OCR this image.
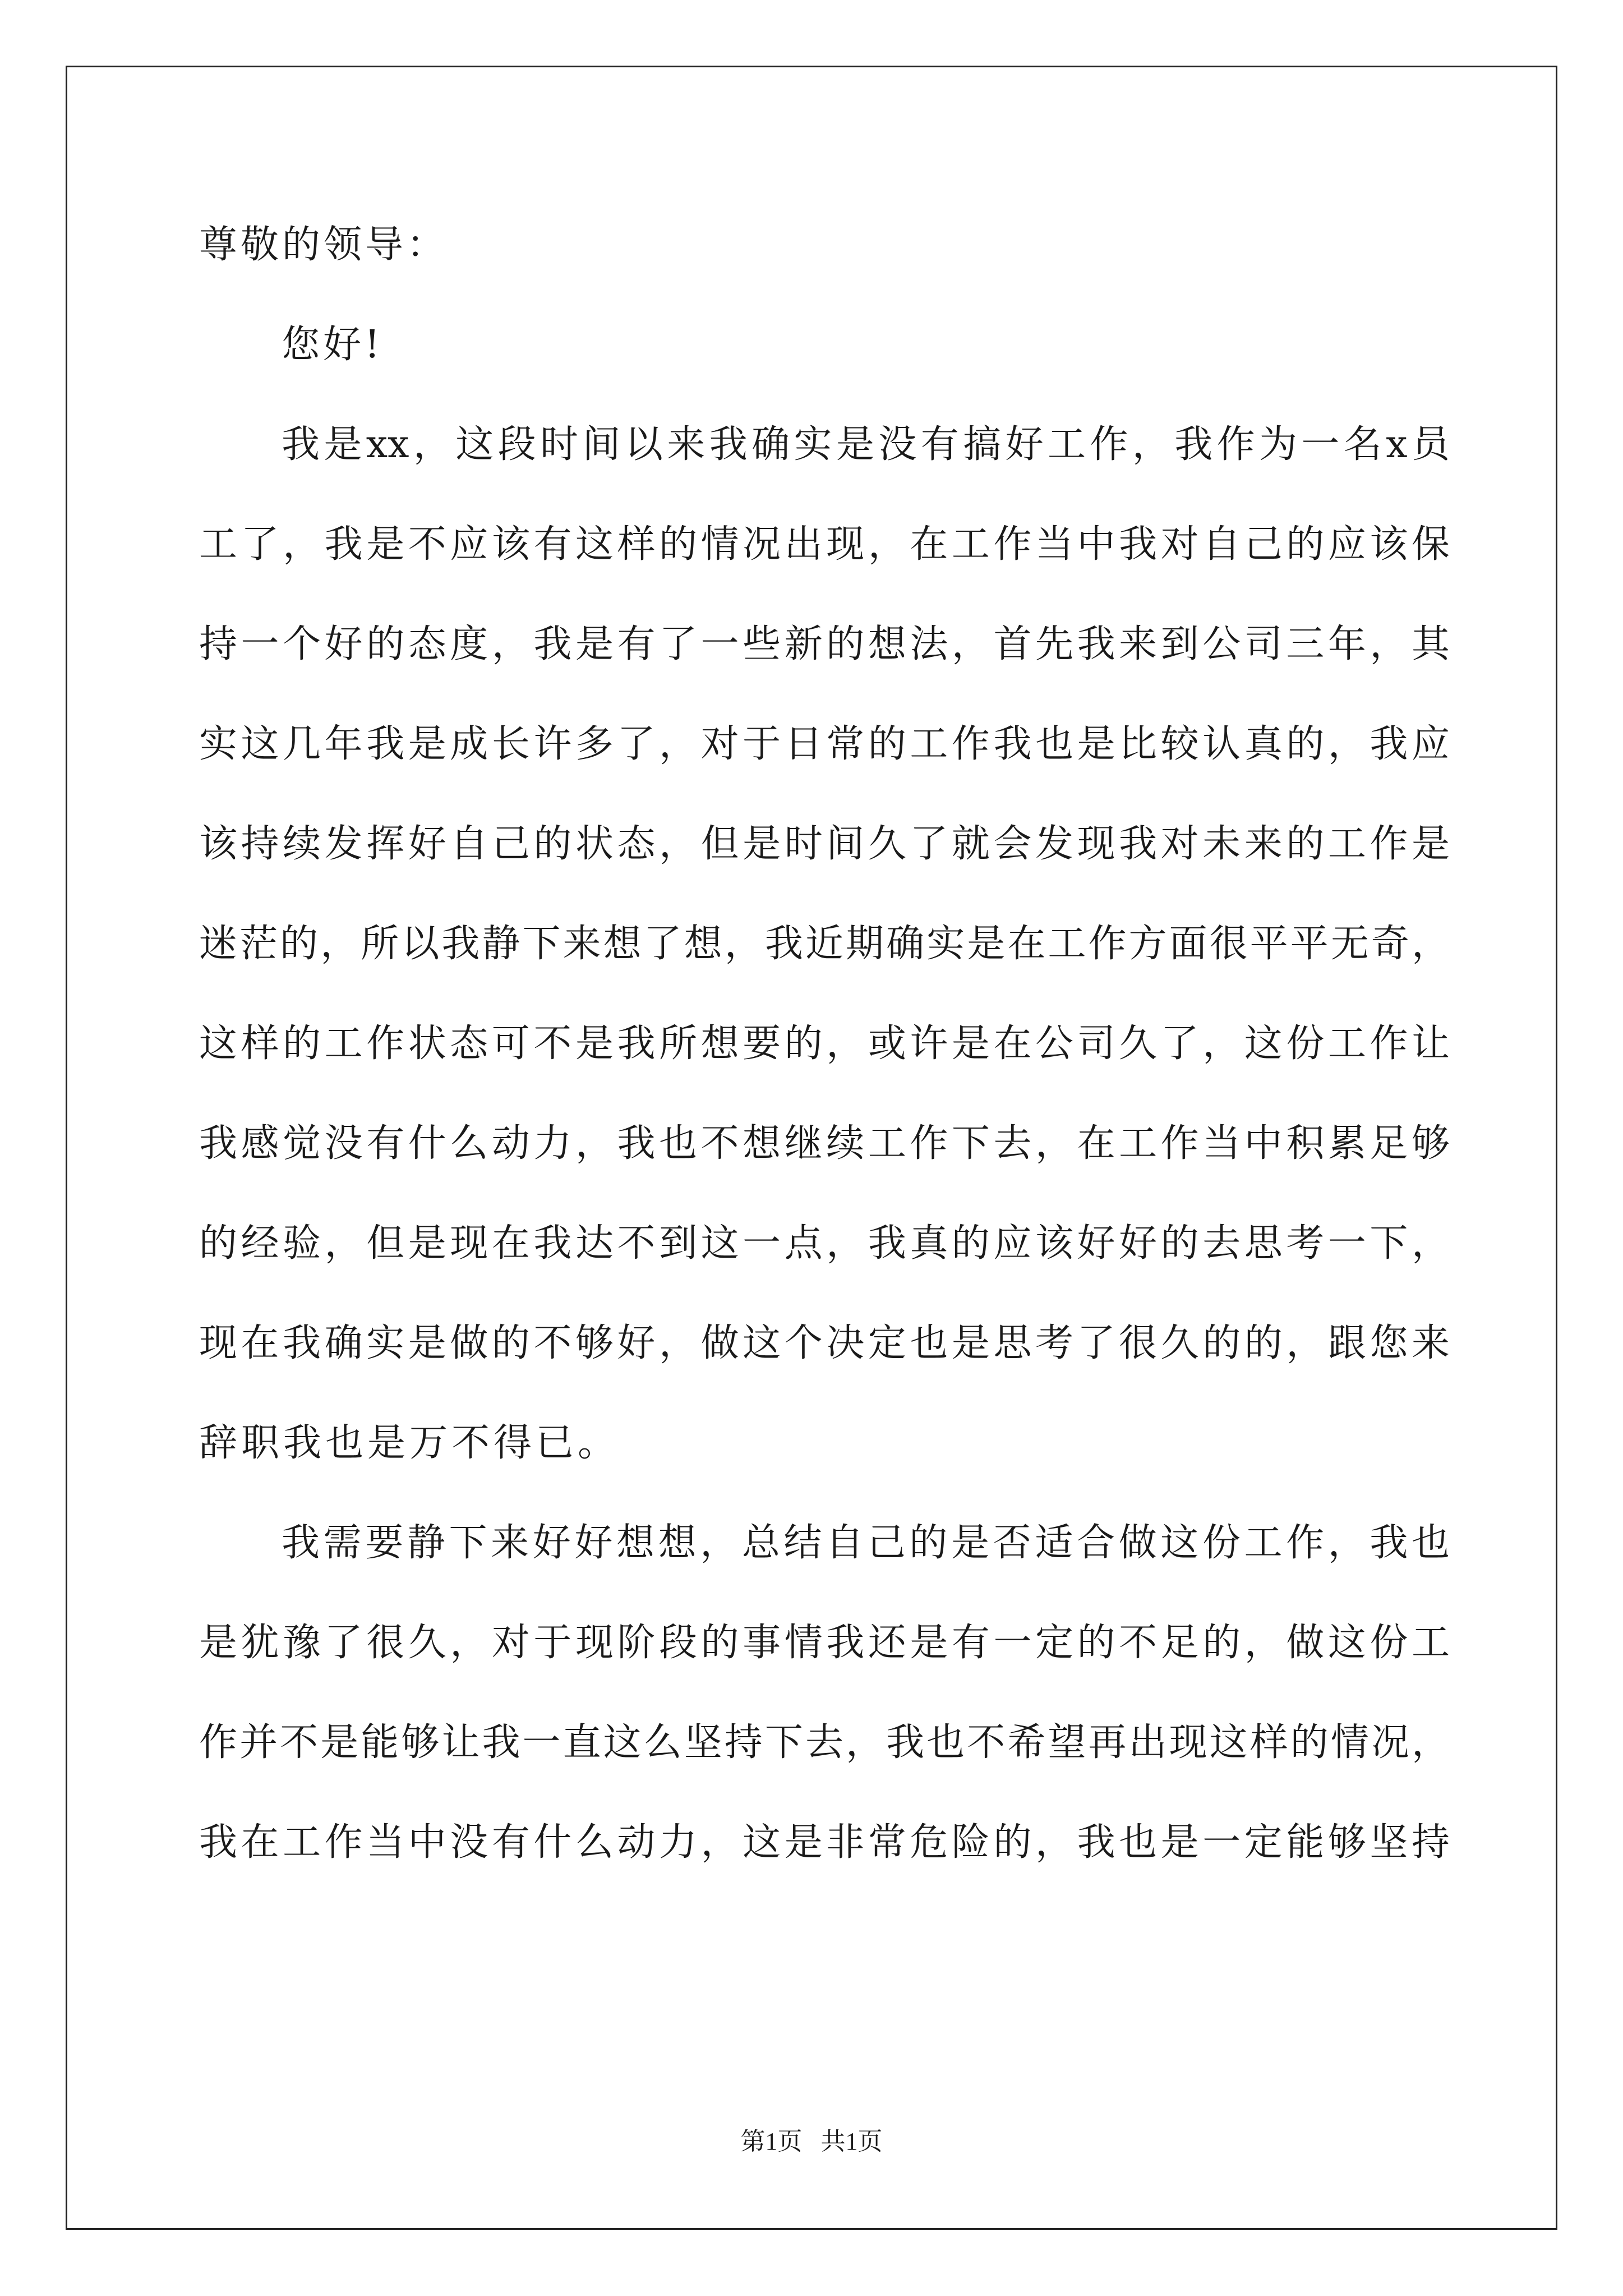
尊敬的领导：

您好!

我是xx，这段时间以来我确实是没有搞好工作，我作为一名x员
工了，我是不应该有这样的情况出现，在工作当中我对自己的应该保
持一个好的态度，我是有了一些新的想法，首先我来到公司三年，其
实这几年我是成长许多了，对于日常的工作我也是比较认真的，我应
该持续发挥好自己的状态，但是时间久了就会发现我对未来的工作是
迷茫的，所以我静下来想了想，我近期确实是在工作方面很平平无奇，
这样的工作状态可不是我所想要的，或许是在公司久了，这份工作让
我感觉没有什么动力，我也不想继续工作下去，在工作当中积累足够
的经验，但是现在我达不到这一点，我真的应该好好的去思考一下，
现在我确实是做的不够好，做这个决定也是思考了很久的的，跟您来
辞职我也是万不得已。

我需要静下来好好想想，总结自己的是否适合做这份工作，我也
是犹豫了很久，对于现阶段的事情我还是有一定的不足的，做这份工
作并不是能够让我一直这么坚持下去，我也不希望再出现这样的情况，
我在工作当中没有什么动力，这是非常危险的，我也是一定能够坚持

第1页   共1页
